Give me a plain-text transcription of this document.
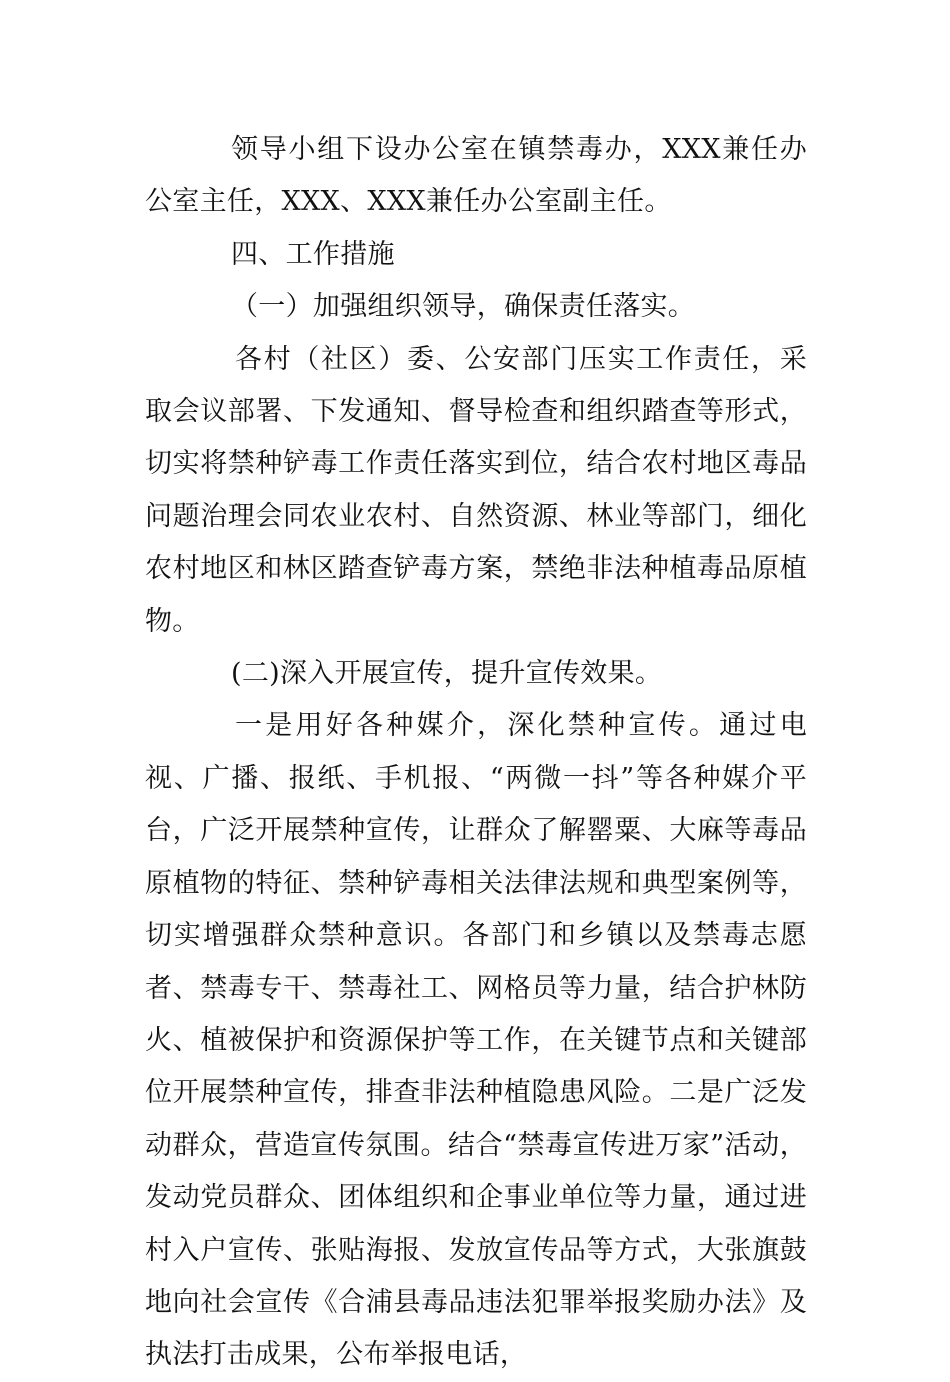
领导小组下设办公室在镇禁毒办，XXX兼任办公室主任，XXX、XXX兼任办公室副主任。

四、工作措施

（一）加强组织领导，确保责任落实。

各村（社区）委、公安部门压实工作责任，采取会议部署、下发通知、督导检查和组织踏查等形式，切实将禁种铲毒工作责任落实到位，结合农村地区毒品问题治理会同农业农村、自然资源、林业等部门，细化农村地区和林区踏查铲毒方案，禁绝非法种植毒品原植物。

(二)深入开展宣传，提升宣传效果。

一是用好各种媒介，深化禁种宣传。通过电视、广播、报纸、手机报、“两微一抖”等各种媒介平台，广泛开展禁种宣传，让群众了解罂粟、大麻等毒品原植物的特征、禁种铲毒相关法律法规和典型案例等，切实增强群众禁种意识。各部门和乡镇以及禁毒志愿者、禁毒专干、禁毒社工、网格员等力量，结合护林防火、植被保护和资源保护等工作，在关键节点和关键部位开展禁种宣传，排查非法种植隐患风险。二是广泛发动群众，营造宣传氛围。结合“禁毒宣传进万家”活动，发动党员群众、团体组织和企事业单位等力量，通过进村入户宣传、张贴海报、发放宣传品等方式，大张旗鼓地向社会宣传《合浦县毒品违法犯罪举报奖励办法》及执法打击成果，公布举报电话，
